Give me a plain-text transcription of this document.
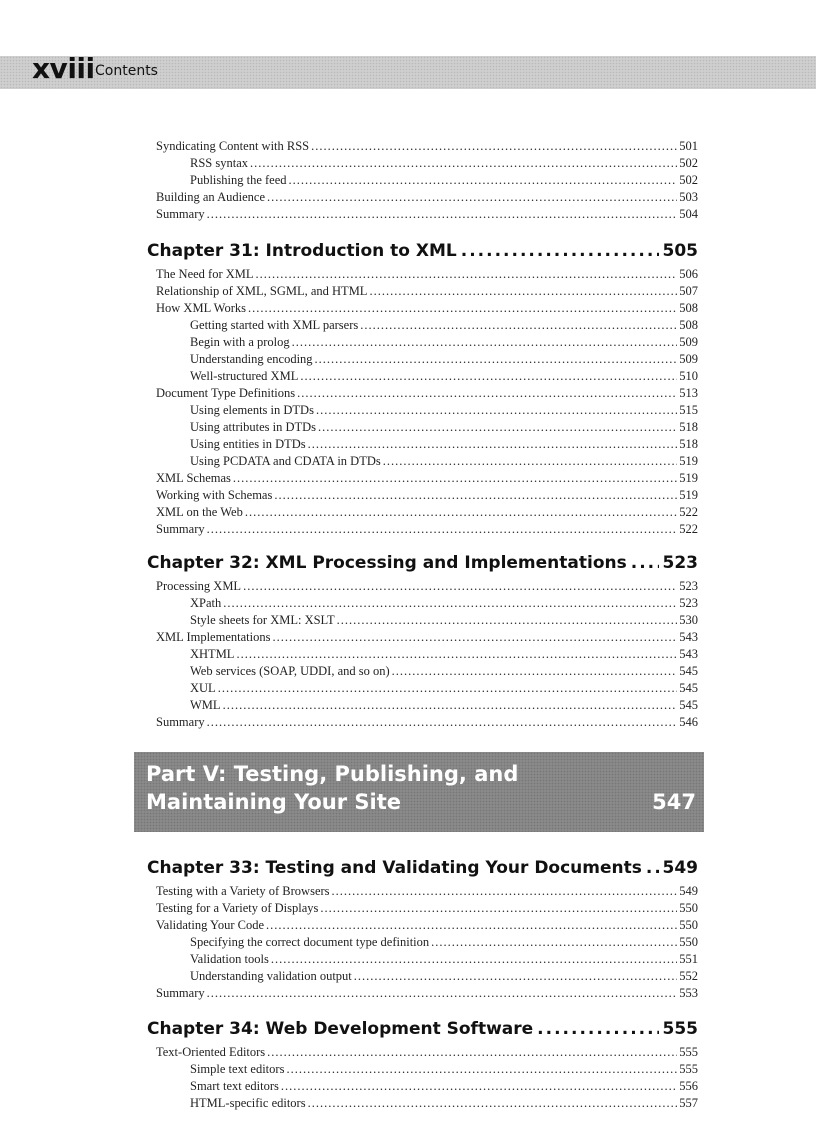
xviii Contents
Syndicating Content with RSS .....	501
RSS syntax .....	502
Publishing the feed .....	502
Building an Audience .....	503
Summary .....	504
Chapter 31: Introduction to XML .....	505
The Need for XML .....	506
Relationship of XML, SGML, and HTML .....	507
How XML Works .....	508
Getting started with XML parsers .....	508
Begin with a prolog .....	509
Understanding encoding .....	509
Well-structured XML .....	510
Document Type Definitions .....	513
Using elements in DTDs .....	515
Using attributes in DTDs .....	518
Using entities in DTDs .....	518
Using PCDATA and CDATA in DTDs .....	519
XML Schemas .....	519
Working with Schemas .....	519
XML on the Web .....	522
Summary .....	522
Chapter 32: XML Processing and Implementations ..... 523
Processing XML .....	523
XPath .....	523
Style sheets for XML: XSLT .....	530
XML Implementations .....	543
XHTML .....	543
Web services (SOAP, UDDI, and so on) .....	545
XUL .....	545
WML .....	545
Summary .....	546
Part V: Testing, Publishing, and Maintaining Your Site	547
Chapter 33: Testing and Validating Your Documents ..... 549
Testing with a Variety of Browsers .....	549
Testing for a Variety of Displays .....	550
Validating Your Code .....	550
Specifying the correct document type definition .....	550
Validation tools .....	551
Understanding validation output .....	552
Summary .....	553
Chapter 34: Web Development Software .....	555
Text-Oriented Editors .....	555
Simple text editors .....	555
Smart text editors .....	556
HTML-specific editors .....	557
